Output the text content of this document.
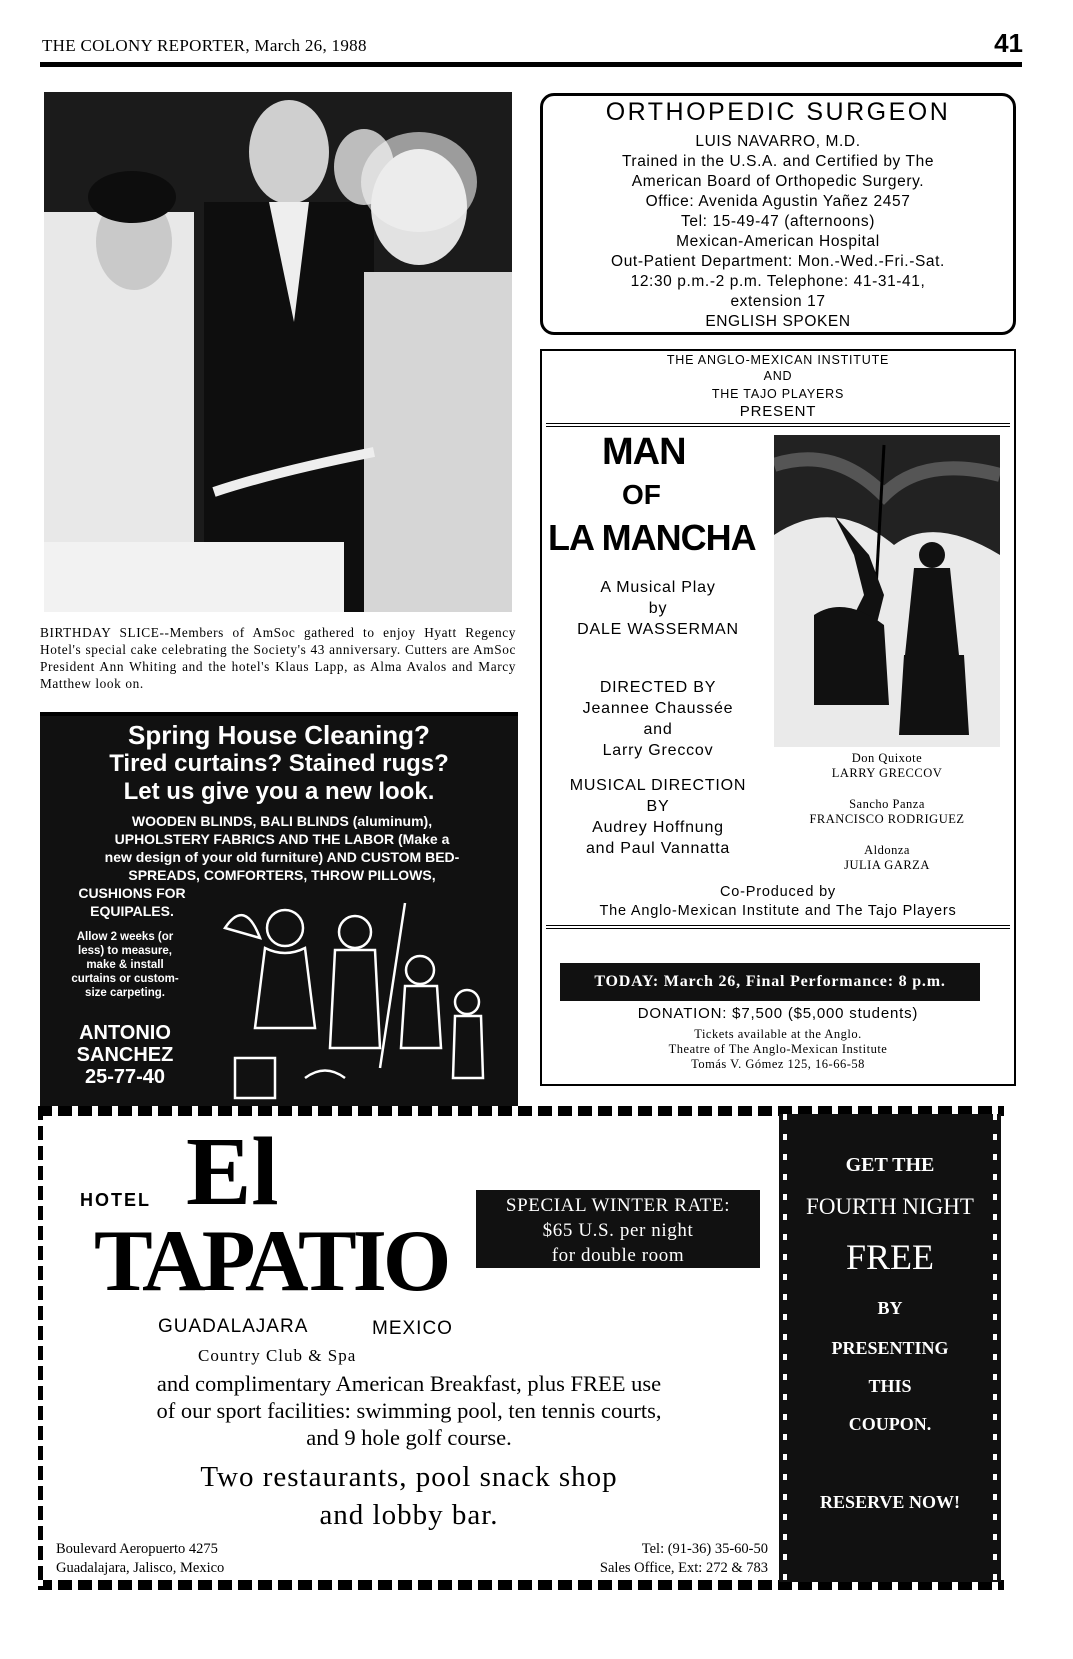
THE COLONY REPORTER, March 26, 1988	41
BIRTHDAY SLICE--Members of AmSoc gathered to enjoy Hyatt Regency Hotel's special cake celebrating the Society's 43 anniversary. Cutters are AmSoc President Ann Whiting and the hotel's Klaus Lapp, as Alma Avalos and Marcy Matthew look on.
Spring House Cleaning?
Tired curtains? Stained rugs?
Let us give you a new look.
WOODEN BLINDS, BALI BLINDS (aluminum),
UPHOLSTERY FABRICS AND THE LABOR (Make a
new design of your old furniture) AND CUSTOM BED-
SPREADS, COMFORTERS, THROW PILLOWS,
CUSHIONS FOR
EQUIPALES.
Allow 2 weeks (or
less) to measure,
make & install
curtains or custom-
size carpeting.
ANTONIO
SANCHEZ
25-77-40
ORTHOPEDIC SURGEON
LUIS NAVARRO, M.D.
Trained in the U.S.A. and Certified by The
American Board of Orthopedic Surgery.
Office: Avenida Agustin Yañez 2457
Tel: 15-49-47 (afternoons)
Mexican-American Hospital
Out-Patient Department: Mon.-Wed.-Fri.-Sat.
12:30 p.m.-2 p.m. Telephone: 41-31-41,
extension 17
ENGLISH SPOKEN
THE ANGLO-MEXICAN INSTITUTE
AND
THE TAJO PLAYERS
PRESENT
MAN
OF
LA MANCHA
A Musical Play
by
DALE WASSERMAN
DIRECTED BY
Jeannee Chaussée
and
Larry Greccov
MUSICAL DIRECTION
BY
Audrey Hoffnung
and Paul Vannatta
Don Quixote
LARRY GRECCOV
Sancho Panza
FRANCISCO RODRIGUEZ
Aldonza
JULIA GARZA
Co-Produced by
The Anglo-Mexican Institute and The Tajo Players
TODAY: March 26, Final Performance: 8 p.m.
DONATION: $7,500 ($5,000 students)
Tickets available at the Anglo.
Theatre of The Anglo-Mexican Institute
Tomás V. Gómez 125, 16-66-58
HOTEL El
TAPATIO
GUADALAJARA	MEXICO
Country Club & Spa
SPECIAL WINTER RATE:
$65 U.S. per night
for double room
and complimentary American Breakfast, plus FREE use
of our sport facilities: swimming pool, ten tennis courts,
and 9 hole golf course.
Two restaurants, pool snack shop
and lobby bar.
Boulevard Aeropuerto 4275
Guadalajara, Jalisco, Mexico
Tel: (91-36) 35-60-50
Sales Office, Ext: 272 & 783
GET THE
FOURTH NIGHT
FREE
BY
PRESENTING
THIS
COUPON.
RESERVE NOW!
